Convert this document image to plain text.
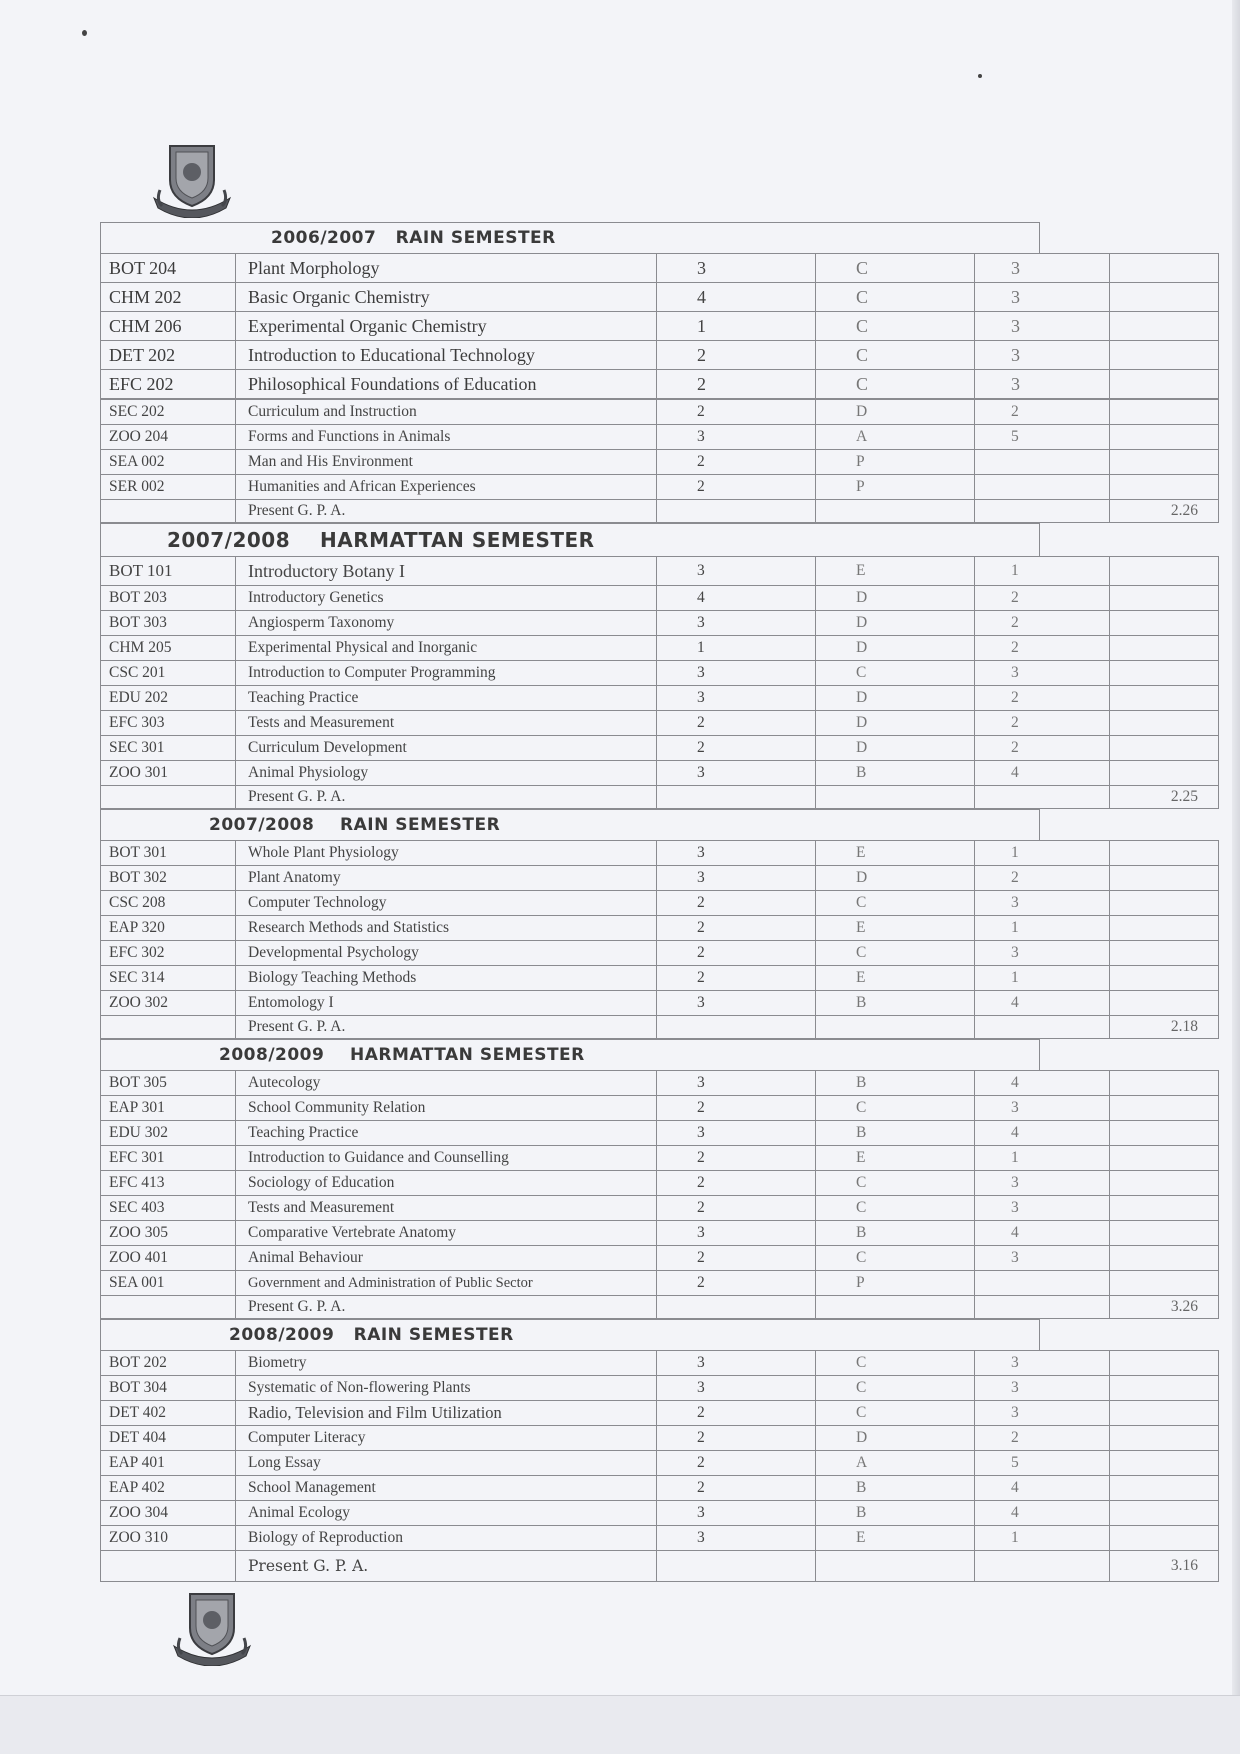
2006/2007
RAIN SEMESTER
BOT 204	Plant Morphology	3	C	3	
CHM 202	Basic Organic Chemistry	4	C	3	
CHM 206	Experimental Organic Chemistry	1	C	3	
DET 202	Introduction to Educational Technology	2	C	3	
EFC 202	Philosophical Foundations of Education	2	C	3	
SEC 202	Curriculum and Instruction	2	D	2	
ZOO 204	Forms and Functions in Animals	3	A	5	
SEA 002	Man and His Environment	2	P		
SER 002	Humanities and African Experiences	2	P		
	Present G. P. A.				2.26
2007/2008
HARMATTAN SEMESTER
BOT 101	Introductory Botany I	3	E	1	
BOT 203	Introductory Genetics	4	D	2	
BOT 303	Angiosperm Taxonomy	3	D	2	
CHM 205	Experimental Physical and Inorganic	1	D	2	
CSC 201	Introduction to Computer Programming	3	C	3	
EDU 202	Teaching Practice	3	D	2	
EFC 303	Tests and Measurement	2	D	2	
SEC 301	Curriculum Development	2	D	2	
ZOO 301	Animal Physiology	3	B	4	
	Present G. P. A.				2.25
2007/2008
RAIN SEMESTER
BOT 301	Whole Plant Physiology	3	E	1	
BOT 302	Plant Anatomy	3	D	2	
CSC 208	Computer Technology	2	C	3	
EAP 320	Research Methods and Statistics	2	E	1	
EFC 302	Developmental Psychology	2	C	3	
SEC 314	Biology Teaching Methods	2	E	1	
ZOO 302	Entomology I	3	B	4	
	Present G. P. A.				2.18
2008/2009
HARMATTAN SEMESTER
BOT 305	Autecology	3	B	4	
EAP 301	School Community Relation	2	C	3	
EDU 302	Teaching Practice	3	B	4	
EFC 301	Introduction to Guidance and Counselling	2	E	1	
EFC 413	Sociology of Education	2	C	3	
SEC 403	Tests and Measurement	2	C	3	
ZOO 305	Comparative Vertebrate Anatomy	3	B	4	
ZOO 401	Animal Behaviour	2	C	3	
SEA 001	Government and Administration of Public Sector	2	P		
	Present G. P. A.				3.26
2008/2009
RAIN SEMESTER
BOT 202	Biometry	3	C	3	
BOT 304	Systematic of Non-flowering Plants	3	C	3	
DET 402	Radio, Television and Film Utilization	2	C	3	
DET 404	Computer Literacy	2	D	2	
EAP 401	Long Essay	2	A	5	
EAP 402	School Management	2	B	4	
ZOO 304	Animal Ecology	3	B	4	
ZOO 310	Biology of Reproduction	3	E	1	
	Present G. P. A.				3.16
